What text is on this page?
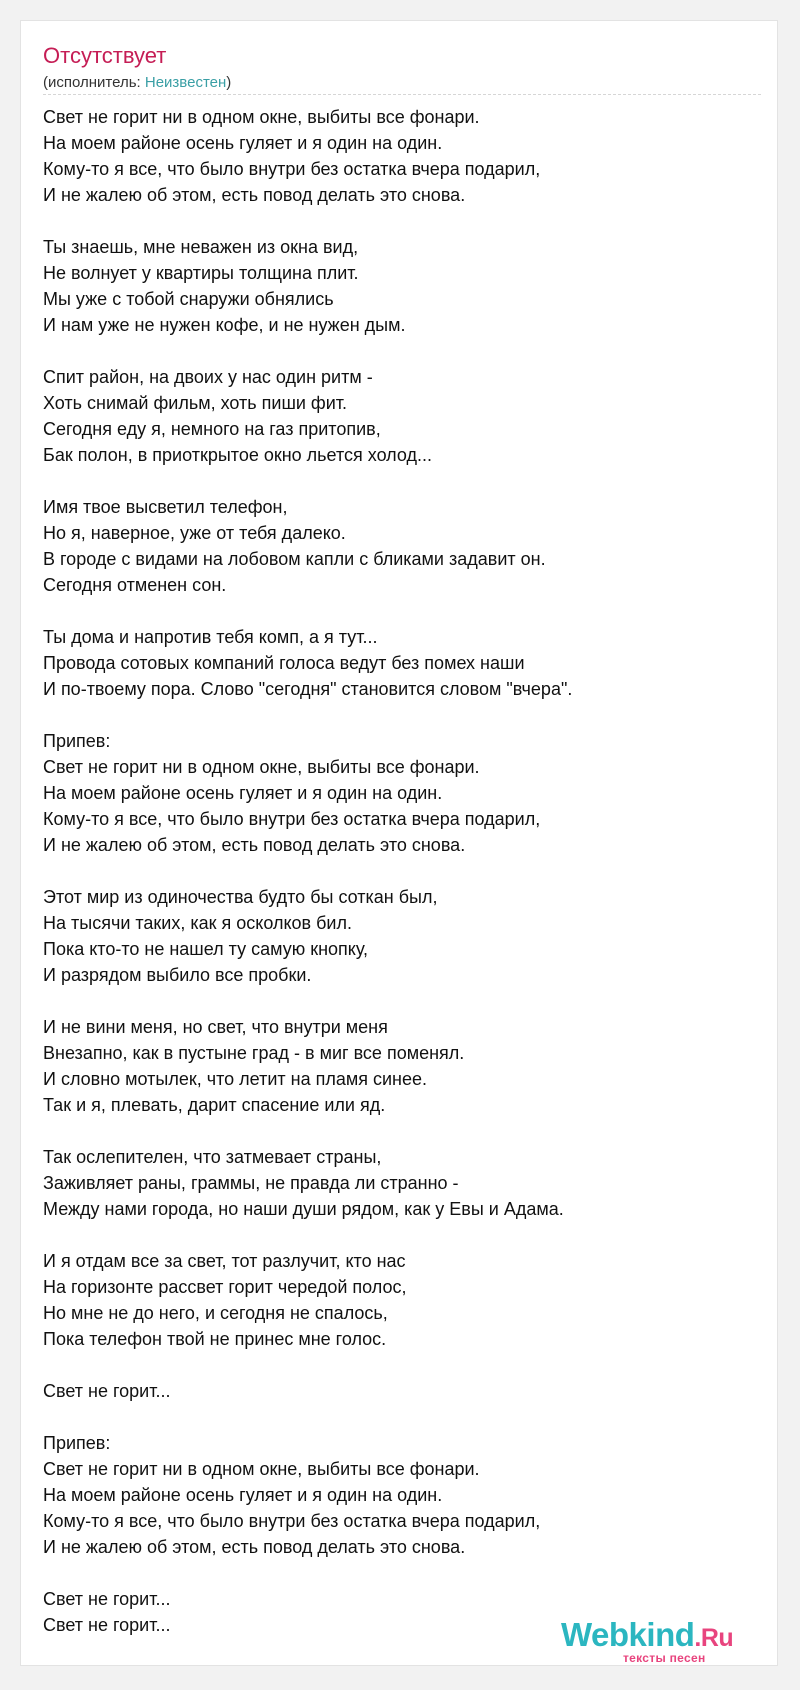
Отсутствует
(исполнитель: Неизвестен)
Свет не горит ни в одном окне, выбиты все фонари.
На моем районе осень гуляет и я один на один.
Кому-то я все, что было внутри без остатка вчера подарил,
И не жалею об этом, есть повод делать это снова.
Ты знаешь, мне неважен из окна вид,
Не волнует у квартиры толщина плит.
Мы уже с тобой снаружи обнялись
И нам уже не нужен кофе, и не нужен дым.
Спит район, на двоих у нас один ритм -
Хоть снимай фильм, хоть пиши фит.
Сегодня еду я, немного на газ притопив,
Бак полон, в приоткрытое окно льется холод...
Имя твое высветил телефон,
Но я, наверное, уже от тебя далеко.
В городе с видами на лобовом капли с бликами задавит он.
Сегодня отменен сон.
Ты дома и напротив тебя комп, а я тут...
Провода сотовых компаний голоса ведут без помех наши
И по-твоему пора. Слово "сегодня" становится словом "вчера".
Припев:
Свет не горит ни в одном окне, выбиты все фонари.
На моем районе осень гуляет и я один на один.
Кому-то я все, что было внутри без остатка вчера подарил,
И не жалею об этом, есть повод делать это снова.
Этот мир из одиночества будто бы соткан был,
На тысячи таких, как я осколков бил.
Пока кто-то не нашел ту самую кнопку,
И разрядом выбило все пробки.
И не вини меня, но свет, что внутри меня
Внезапно, как в пустыне град - в миг все поменял.
И словно мотылек, что летит на пламя синее.
Так и я, плевать, дарит спасение или яд.
Так ослепителен, что затмевает страны,
Заживляет раны, граммы, не правда ли странно -
Между нами города, но наши души рядом, как у Евы и Адама.
И я отдам все за свет, тот разлучит, кто нас
На горизонте рассвет горит чередой полос,
Но мне не до него, и сегодня не спалось,
Пока телефон твой не принес мне голос.
Свет не горит...
Припев:
Свет не горит ни в одном окне, выбиты все фонари.
На моем районе осень гуляет и я один на один.
Кому-то я все, что было внутри без остатка вчера подарил,
И не жалею об этом, есть повод делать это снова.
Свет не горит...
Свет не горит...	Webkind.Ru
тексты песен
